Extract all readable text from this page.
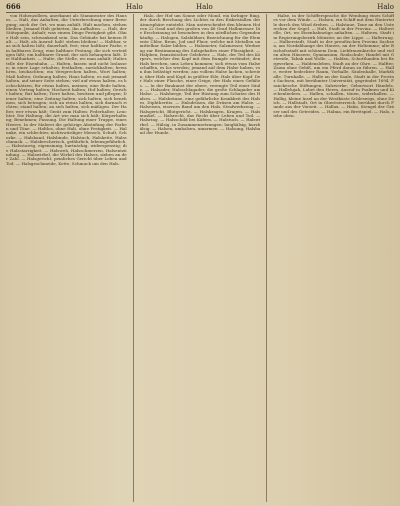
666	Halo	Halo	Halo

von Hohenzollern, anerkannt als Stammvater des Hauses. — Halt, das Anhalten, die Unterbrechung einer Bewegung; auch der Ort, wo man anhält. Halt machen, stehen bleiben. Jemand Halt gebieten, ihn aufhalten. — Halt, der Stützpunkt, Anhalt; was einem Dinge Festigkeit gibt. Ohne Halt sein, schwankend sein. Das Gebäude hat keinen Halt. — Halt, als Ausruf: halt! stehen bleiben! — Haltbar, was sich halten läßt; dauerhaft, fest; eine haltbare Farbe, ein haltbares Zeug; eine haltbare Festung, die sich verteidigen läßt; ein haltbarer Grund, der sich behaupten läßt. Die Haltbarkeit. — Halte, die Stelle, wo man anhält; Haltestelle der Eisenbahn. — Halten, fassen und nicht loslassen; in einer Lage erhalten; festhalten, zurückhalten; bewahren, beobachten; ein Versprechen halten, Wort halten; Maß halten; Ordnung halten; Haus halten; es mit jemand halten, auf seiner Seite stehen; viel auf etwas halten, es hochschätzen; für etwas halten, meinen; eine Rede halten, einen Vortrag halten; Hochzeit halten; Hof halten; Gericht halten; Rat halten; Tiere halten, besitzen und pflegen; Diener halten; eine Zeitung halten; sich halten, sich benehmen, sich betragen; sich an etwas halten, sich darnach richten; stand halten; an sich halten, sich mäßigen. Der Halter, wer etwas hält; Gerät zum Halten: Federhalter, Leuchter. Die Haltung, die Art wie man sich hält; Körperhaltung; Benehmen; Fassung. Die Haltung einer Truppe, eines Heeres. In der Malerei die gehörige Abstufung der Farben und Töne. — Haltlos, ohne Halt, ohne Festigkeit. — Halunke, ein schlechter, nichtswürdiger Mensch, Schuft, Schurke. — Halsband, Halsbinde, Halstuch, Halskette, Halsschmuck. — Halsbrecherisch, gefährlich, lebensgefährlich. — Halsstarrig, eigensinnig, hartnäckig, widerspenstig; die Halsstarrigkeit. — Halsweh, Halsschmerzen, Halsentzündung. — Halswirbel, die Wirbel des Halses, sieben an der Zahl. — Halsgericht, peinliches Gericht über Leben und Tod. — Halsgeschmeide, Kette, Schmuck um den Hals.

Halo, der Hof um Sonne oder Mond, ein farbiger Ring, der durch Brechung des Lichtes in den Eiskristallen der Atmosphäre entsteht. Man unterscheidet den kleinen Hof von 22 Grad und den großen von 46 Grad Halbmesser. Die Erscheinung ist besonders in den nördlichen Gegenden häufig. — Halogen, Salzbildner, Bezeichnung für die Elemente Chlor, Brom, Jod und Fluor, welche mit Metallen unmittelbar Salze bilden. — Halometer, Salzmesser, Werkzeug zur Bestimmung des Salzgehaltes einer Flüssigkeit. — Halphen, französischer Gelehrter. — Hals, der Teil des Körpers, welcher den Kopf mit dem Rumpfe verbindet; den Hals brechen, ums Leben kommen; sich etwas vom Halse schaffen, es los werden; jemand auf dem Halse haben, von ihm belästigt werden; aus vollem Halse lachen, schreien; über Hals und Kopf, in größter Eile; Hals über Kopf. Der Hals einer Flasche, einer Geige; der Hals eines Gefäßes. — In der Baukunst der obere, verengte Teil einer Säule. — Halsader, Halsschlagader, die große Schlagader am Halse. — Halsberge, Teil der Rüstung zum Schutze des Halses. — Halsbräune, eine gefährliche Krankheit des Halses, Diphtheritis. — Halsdrüsen, die Drüsen am Halse. — Halseisen, eisernes Band um den Hals, Strafwerkzeug. — Halsgericht, Blutgericht. — Halskragen, Kragen. — Halsmuskel. — Halsrecht, das Recht über Leben und Tod. — Halsring. — Halsschild bei Käfern. — Halstuch. — Halswirbel. — Hälsig, in Zusammensetzungen: langhälsig, kurzhälsig. — Halsen, umhalsen, umarmen. — Halsung, Halsband der Hunde.

Halse, in der Schiffersprache die Wendung eines Schiffes vor dem Winde. — Halsen, ein Schiff mit dem Hinterteile durch den Wind drehen. — Halstaue, Taue an den Unterecken der Segel. — Halt, Stadt in der Provinz. — Haltestelle, Ort, wo Eisenbahnzüge anhalten. — Haltern, Stadt im Regierungsbezirk Münster, an der Lippe. — Halterung. — Halberstadt, Stadt in der preußischen Provinz Sachsen, am Nordabhange des Harzes, an der Holtemme; alte Bischofsstadt mit schönem Dom, Liebfrauenkirche und vielen alten Häusern; Gymnasium, Realschule; Handel mit Getreide, Tabak und Wolle. — Halden, Schutthaufen bei Bergwerken. — Haldensleben, Stadt an der Ohre. — Halfter, Zaum ohne Gebiß, um ein Pferd daran zu führen. — Halle, weiter bedeckter Raum, Vorhalle, Säulenhalle, Markthalle, Turnhalle. — Halle an der Saale, Stadt in der Provinz Sachsen, mit berühmter Universität, gegründet 1694, Franckesche Stiftungen, Salzwerke; Geburtsort Händels. — Hallelujah, Lobet den Herrn, Ausruf in Psalmen und Kirchenliedern. — Hallen, schallen, tönen, widerhallen. — Hallig, kleine Insel an der Westküste Schleswigs, ohne Deich. — Hallstadt, Ort in Oberösterreich, berühmt durch Funde aus der Vorzeit. — Hallux. — Halm, Stengel der Gräser und des Getreides. — Halma, ein Brettspiel. — Halo, siehe oben.
